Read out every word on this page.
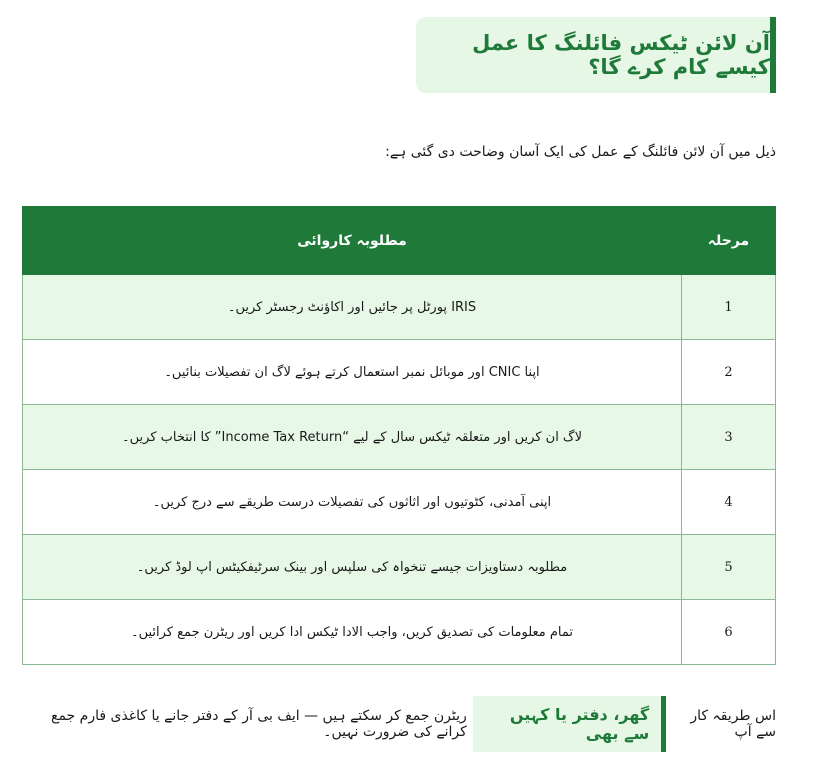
آن لائن ٹیکس فائلنگ کا عمل کیسے کام کرے گا؟

ذیل میں آن لائن فائلنگ کے عمل کی ایک آسان وضاحت دی گئی ہے:

مرحلہ	مطلوبہ کاروائی
1	IRIS پورٹل پر جائیں اور اکاؤنٹ رجسٹر کریں۔
2	اپنا CNIC اور موبائل نمبر استعمال کرتے ہوئے لاگ ان تفصیلات بنائیں۔
3	لاگ ان کریں اور متعلقہ ٹیکس سال کے لیے “Income Tax Return” کا انتخاب کریں۔
4	اپنی آمدنی، کٹوتیوں اور اثاثوں کی تفصیلات درست طریقے سے درج کریں۔
5	مطلوبہ دستاویزات جیسے تنخواہ کی سلپس اور بینک سرٹیفکیٹس اپ لوڈ کریں۔
6	تمام معلومات کی تصدیق کریں، واجب الادا ٹیکس ادا کریں اور ریٹرن جمع کرائیں۔
اس طریقہ کار سے آپ
گھر، دفتر یا کہیں سے بھی
ریٹرن جمع کر سکتے ہیں — ایف بی آر کے دفتر جانے یا کاغذی فارم جمع کرانے کی ضرورت نہیں۔
